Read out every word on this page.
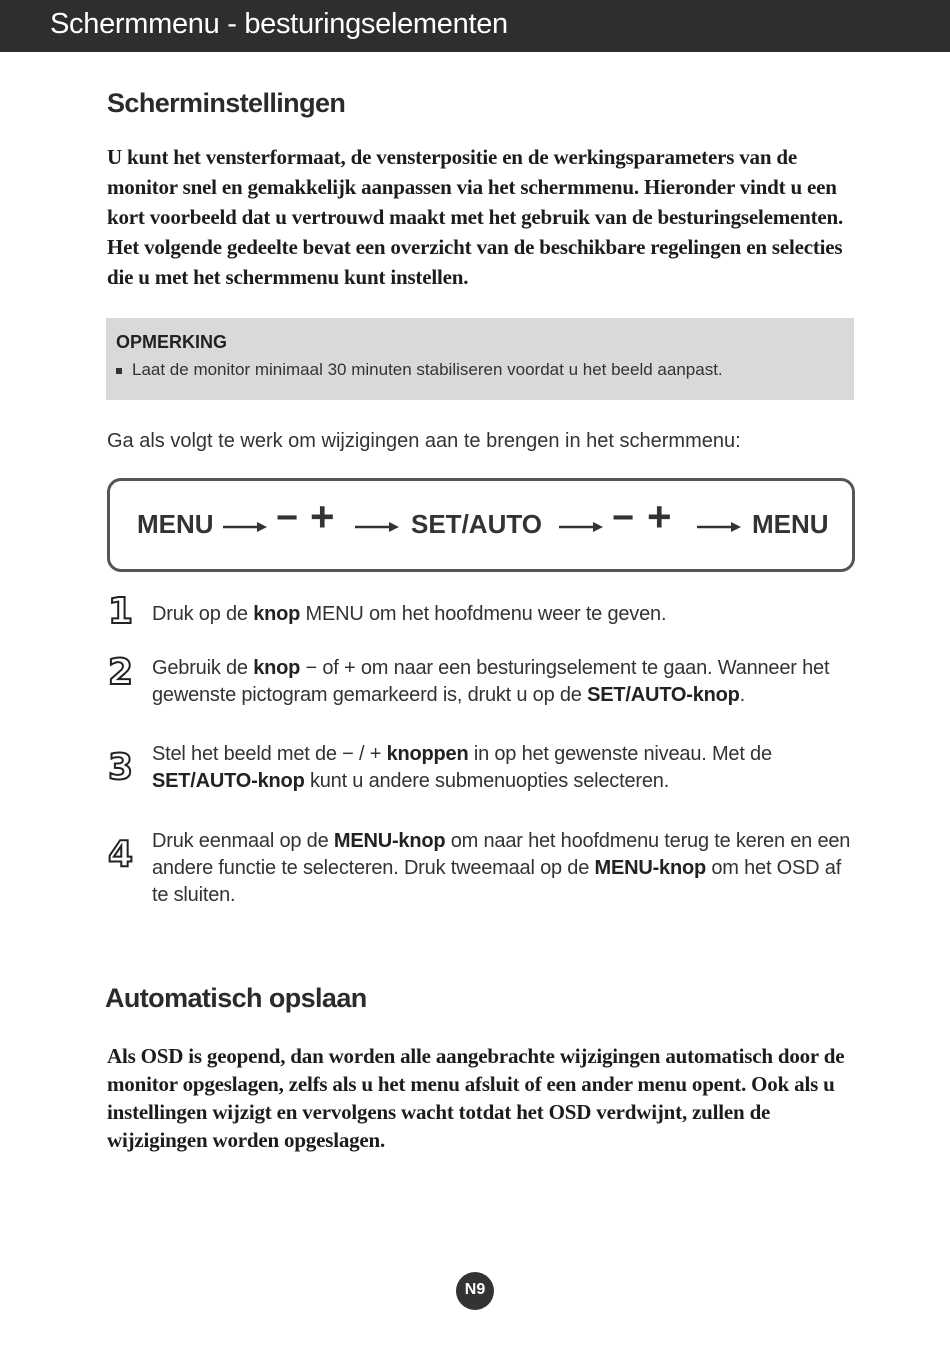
Schermmenu - besturingselementen
Scherminstellingen
U kunt het vensterformaat, de vensterpositie en de werkingsparameters van de monitor snel en gemakkelijk aanpassen via het schermmenu. Hieronder vindt u een kort voorbeeld dat u vertrouwd maakt met het gebruik van de besturingselementen. Het volgende gedeelte bevat een overzicht van de beschikbare regelingen en selecties die u met het schermmenu kunt instellen.
OPMERKING
Laat de monitor minimaal 30 minuten stabiliseren voordat u het beeld aanpast.
Ga als volgt te werk om wijzigingen aan te brengen in het schermmenu:
MENU − +	SET/AUTO − +	MENU
1 Druk op de knop MENU om het hoofdmenu weer te geven.
2 Gebruik de knop − of + om naar een besturingselement te gaan. Wanneer het gewenste pictogram gemarkeerd is, drukt u op de SET/AUTO-knop.
3 Stel het beeld met de − / + knoppen in op het gewenste niveau. Met de SET/AUTO-knop kunt u andere submenuopties selecteren.
4 Druk eenmaal op de MENU-knop om naar het hoofdmenu terug te keren en een andere functie te selecteren. Druk tweemaal op de MENU-knop om het OSD af te sluiten.
Automatisch opslaan
Als OSD is geopend, dan worden alle aangebrachte wijzigingen automatisch door de monitor opgeslagen, zelfs als u het menu afsluit of een ander menu opent. Ook als u instellingen wijzigt en vervolgens wacht totdat het OSD verdwijnt, zullen de wijzigingen worden opgeslagen.
N9
